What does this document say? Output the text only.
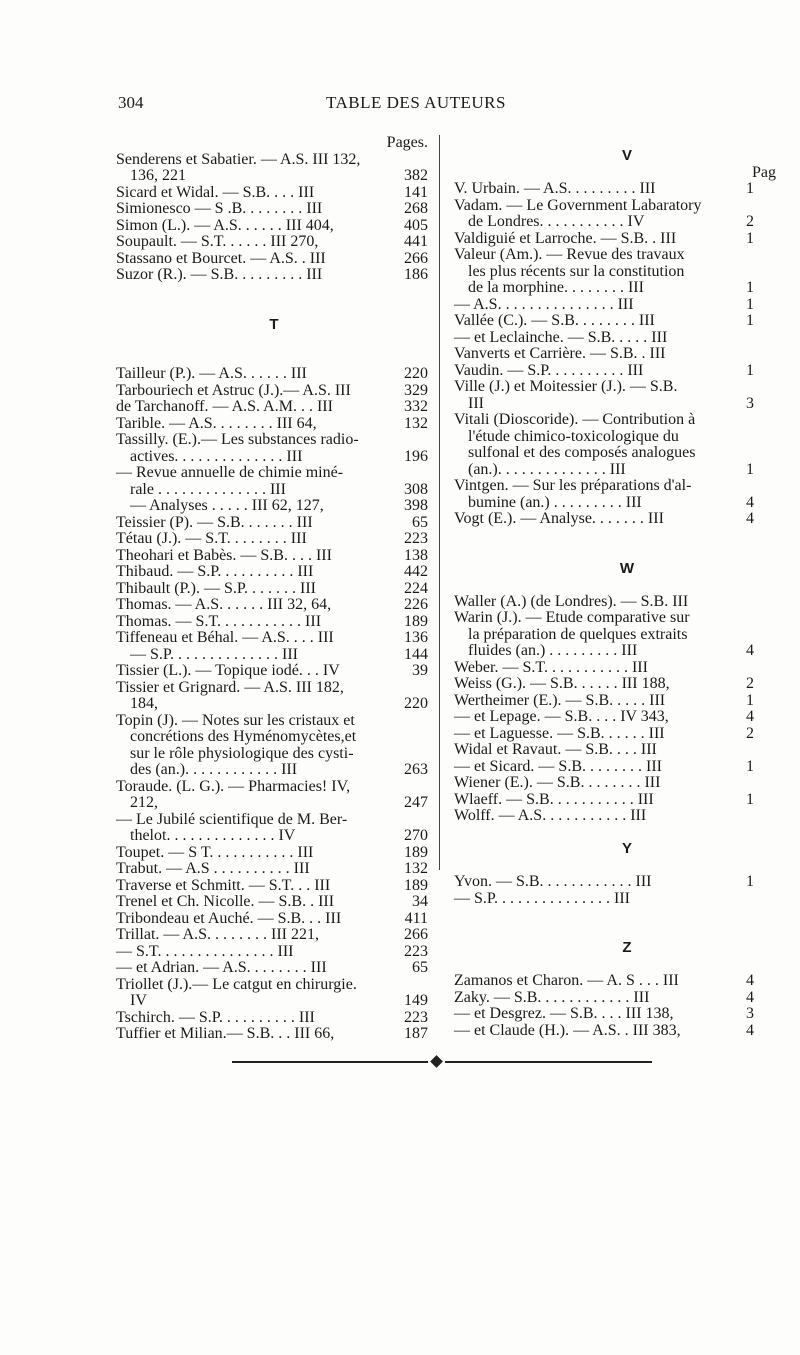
304	TABLE DES AUTEURS
Pages.
Senderens et Sabatier. — A.S. III 132,
136, 221	382
Sicard et Widal. — S.B. . . . III	141
Simionesco — S .B. . . . . . . . III	268
Simon (L.). — A.S. . . . . . III 404,	405
Soupault. — S.T. . . . . . III 270,	441
Stassano et Bourcet. — A.S. . III	266
Suzor (R.). — S.B. . . . . . . . . III	186
T
Tailleur (P.). — A.S. . . . . . III	220
Tarbouriech et Astruc (J.).— A.S. III	329
de Tarchanoff. — A.S. A.M. . . III	332
Tarible. — A.S. . . . . . . . III 64,	132
Tassilly. (E.).— Les substances radio-
actives. . . . . . . . . . . . . . III	196
— Revue annuelle de chimie miné-
rale . . . . . . . . . . . . . . III	308
— Analyses . . . . . III 62, 127,	398
Teissier (P). — S.B. . . . . . . III	65
Tétau (J.). — S.T. . . . . . . . III	223
Theohari et Babès. — S.B. . . . III	138
Thibaud. — S.P. . . . . . . . . . III	442
Thibault (P.). — S.P. . . . . . . III	224
Thomas. — A.S. . . . . . III 32, 64,	226
Thomas. — S.T. . . . . . . . . . . III	189
Tiffeneau et Béhal. — A.S. . . . III	136
— S.P. . . . . . . . . . . . . . III	144
Tissier (L.). — Topique iodé. . . IV	39
Tissier et Grignard. — A.S. III 182,
184,	220
Topin (J). — Notes sur les cristaux et
concrétions des Hyménomycètes,et
sur le rôle physiologique des cysti-
des (an.). . . . . . . . . . . . III	263
Toraude. (L. G.). — Pharmacies! IV,
212,	247
— Le Jubilé scientifique de M. Ber-
thelot. . . . . . . . . . . . . . IV	270
Toupet. — S T. . . . . . . . . . . III	189
Trabut. — A.S . . . . . . . . . . III	132
Traverse et Schmitt. — S.T. . . III	189
Trenel et Ch. Nicolle. — S.B. . III	34
Tribondeau et Auché. — S.B. . . III	411
Trillat. — A.S. . . . . . . . III 221,	266
— S.T. . . . . . . . . . . . . . . III	223
— et Adrian. — A.S. . . . . . . . III	65
Triollet (J.).— Le catgut en chirurgie.
IV	149
Tschirch. — S.P. . . . . . . . . . III	223
Tuffier et Milian.— S.B. . . III 66,	187
V
Pag
V. Urbain. — A.S. . . . . . . . . III	1
Vadam. — Le Government Labaratory
de Londres. . . . . . . . . . . IV	2
Valdiguié et Larroche. — S.B. . III	1
Valeur (Am.). — Revue des travaux
les plus récents sur la constitution
de la morphine. . . . . . . . III	1
— A.S. . . . . . . . . . . . . . . III	1
Vallée (C.). — S.B. . . . . . . . III	1
— et Leclainche. — S.B. . . . . III
Vanverts et Carrière. — S.B. . III
Vaudin. — S.P. . . . . . . . . . III	1
Ville (J.) et Moitessier (J.). — S.B.
III	3
Vitali (Dioscoride). — Contribution à
l'étude chimico-toxicologique du
sulfonal et des composés analogues
(an.). . . . . . . . . . . . . . III	1
Vintgen. — Sur les préparations d'al-
bumine (an.) . . . . . . . . . III	4
Vogt (E.). — Analyse. . . . . . . III	4
W
Waller (A.) (de Londres). — S.B. III
Warin (J.). — Etude comparative sur
la préparation de quelques extraits
fluides (an.) . . . . . . . . . III	4
Weber. — S.T. . . . . . . . . . . III
Weiss (G.). — S.B. . . . . . III 188,	2
Wertheimer (E.). — S.B. . . . . III	1
— et Lepage. — S.B. . . . IV 343,	4
— et Laguesse. — S.B. . . . . . III	2
Widal et Ravaut. — S.B. . . . III
— et Sicard. — S.B. . . . . . . . III	1
Wiener (E.). — S.B. . . . . . . . III
Wlaeff. — S.B. . . . . . . . . . . III	1
Wolff. — A.S. . . . . . . . . . . III
Y
Yvon. — S.B. . . . . . . . . . . . III	1
— S.P. . . . . . . . . . . . . . . III
Z
Zamanos et Charon. — A. S . . . III	4
Zaky. — S.B. . . . . . . . . . . . III	4
— et Desgrez. — S.B. . . . III 138,	3
— et Claude (H.). — A.S. . III 383,	4
